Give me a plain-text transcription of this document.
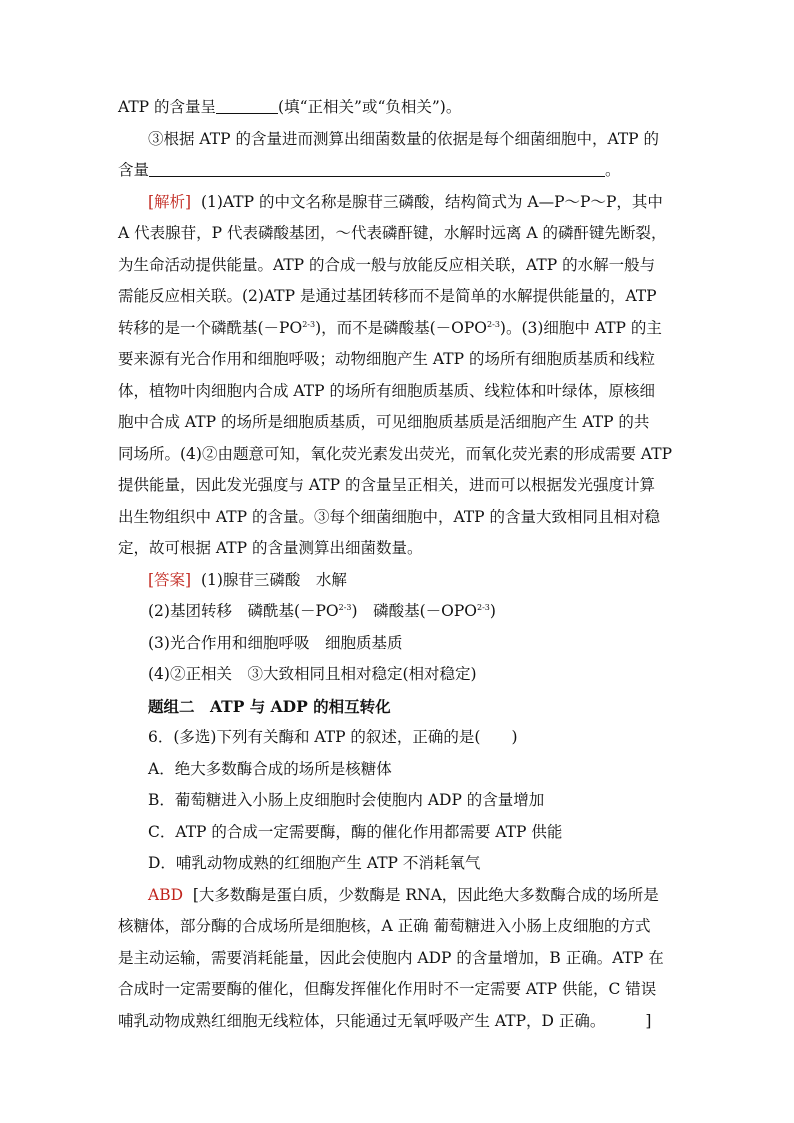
ATP 的含量呈	(填“正相关”或“负相关”)。
③根据 ATP 的含量进而测算出细菌数量的依据是每个细菌细胞中，ATP 的
含量	。
[解析] (1)ATP 的中文名称是腺苷三磷酸，结构简式为 A—P～P～P，其中
A 代表腺苷，P 代表磷酸基团，～代表磷酐键，水解时远离 A 的磷酐键先断裂，
为生命活动提供能量。ATP 的合成一般与放能反应相关联，ATP 的水解一般与
需能反应相关联。(2)ATP 是通过基团转移而不是简单的水解提供能量的，ATP
转移的是一个磷酰基$(-PO^{2-3})$，而不是磷酸基$(-OPO^{2-3})$。(3)细胞中 ATP 的主
要来源有光合作用和细胞呼吸；动物细胞产生 ATP 的场所有细胞质基质和线粒
体，植物叶肉细胞内合成 ATP 的场所有细胞质基质、线粒体和叶绿体，原核细
胞中合成 ATP 的场所是细胞质基质，可见细胞质基质是活细胞产生 ATP 的共
同场所。(4)②由题意可知，氧化荧光素发出荧光，而氧化荧光素的形成需要 ATP
提供能量，因此发光强度与 ATP 的含量呈正相关，进而可以根据发光强度计算
出生物组织中 ATP 的含量。③每个细菌细胞中，ATP 的含量大致相同且相对稳
定，故可根据 ATP 的含量测算出细菌数量。
[答案] (1)腺苷三磷酸　水解
(2)基团转移　磷酰基$(-PO^{2-3})$　磷酸基$(-OPO^{2-3})$
(3)光合作用和细胞呼吸　细胞质基质
(4)②正相关　③大致相同且相对稳定(相对稳定)
题组二　ATP 与 ADP 的相互转化
6．(多选)下列有关酶和 ATP 的叙述，正确的是(　　)
A．绝大多数酶合成的场所是核糖体
B．葡萄糖进入小肠上皮细胞时会使胞内 ADP 的含量增加
C．ATP 的合成一定需要酶，酶的催化作用都需要 ATP 供能
D．哺乳动物成熟的红细胞产生 ATP 不消耗氧气
ABD [大多数酶是蛋白质，少数酶是 RNA，因此绝大多数酶合成的场所是
核糖体，部分酶的合成场所是细胞核，A 正确 葡萄糖进入小肠上皮细胞的方式
是主动运输，需要消耗能量，因此会使胞内 ADP 的含量增加，B 正确。ATP 在
合成时一定需要酶的催化，但酶发挥催化作用时不一定需要 ATP 供能，C 错误
哺乳动物成熟红细胞无线粒体，只能通过无氧呼吸产生 ATP，D 正确。	]
